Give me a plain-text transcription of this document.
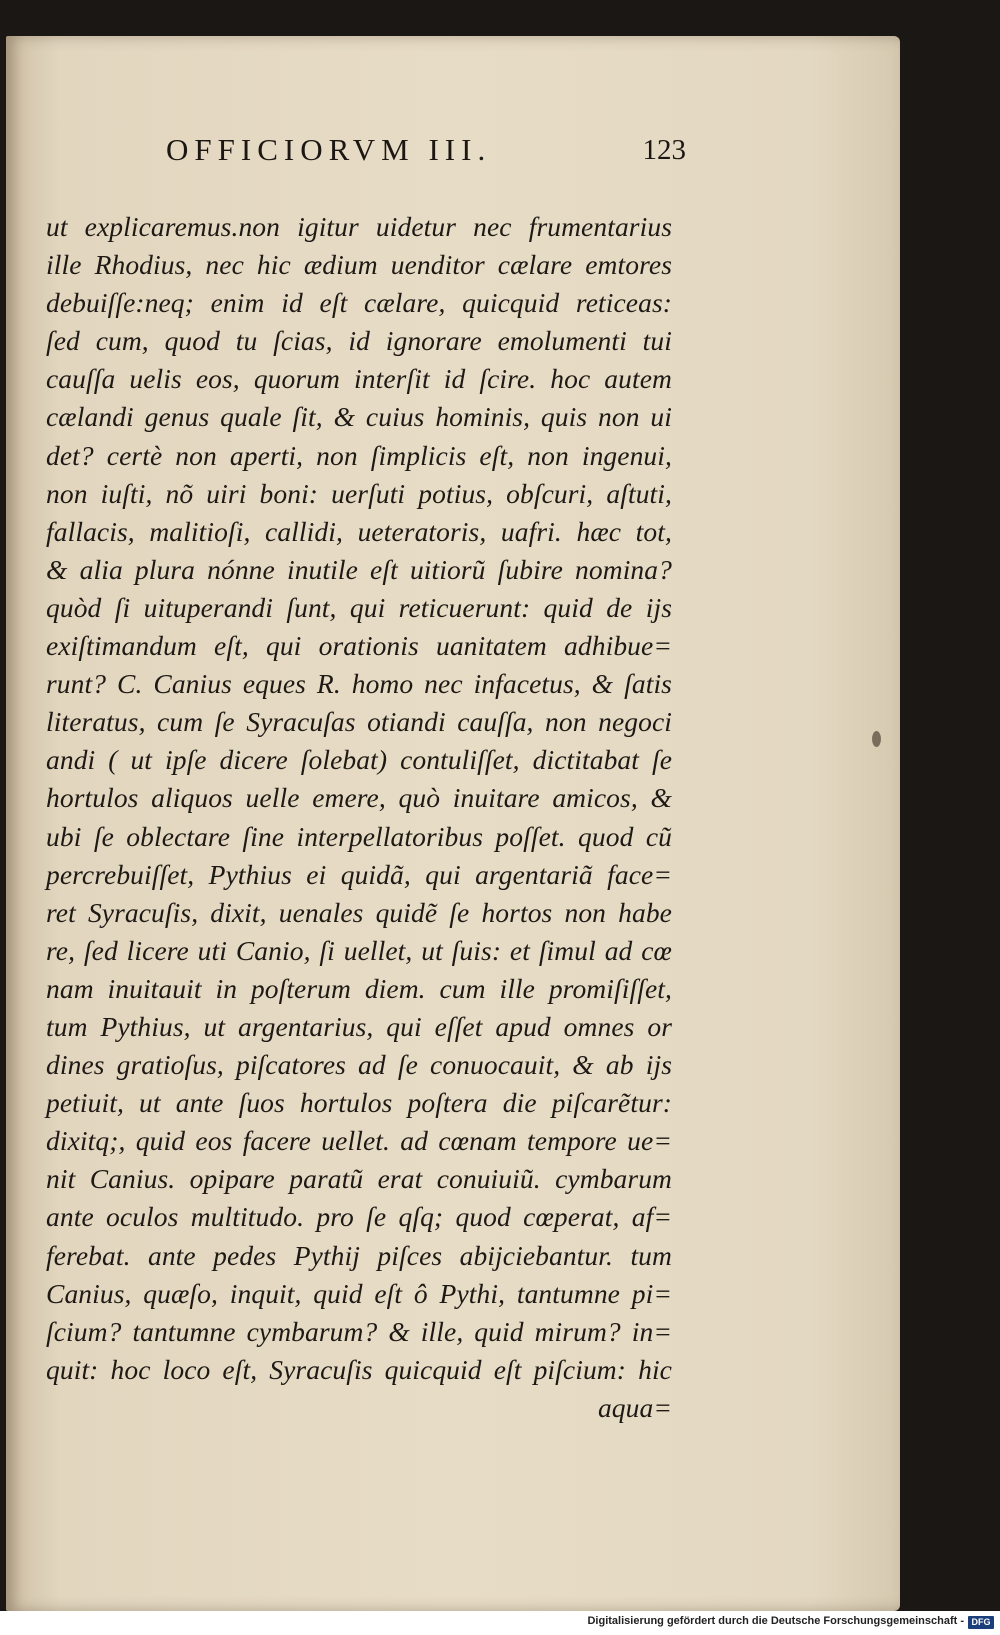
OFFICIORVM III.	123
ut explicaremus.non igitur uidetur nec frumentarius
ille Rhodius, nec hic ædium uenditor cælare emtores
debuiſſe:neq; enim id eſt cælare, quicquid reticeas:
ſed cum, quod tu ſcias, id ignorare emolumenti tui
cauſſa uelis eos, quorum interſit id ſcire. hoc autem
cælandi genus quale ſit, & cuius hominis, quis non ui
det? certè non aperti, non ſimplicis eſt, non ingenui,
non iuſti, nõ uiri boni: uerſuti potius, obſcuri, aſtuti,
fallacis, malitioſi, callidi, ueteratoris, uafri. hæc tot,
& alia plura nónne inutile eſt uitiorũ ſubire nomina?
quòd ſi uituperandi ſunt, qui reticuerunt: quid de ijs
exiſtimandum eſt, qui orationis uanitatem adhibue=
runt? C. Canius eques R. homo nec infacetus, & ſatis
literatus, cum ſe Syracuſas otiandi cauſſa, non negoci
andi ( ut ipſe dicere ſolebat) contuliſſet, dictitabat ſe
hortulos aliquos uelle emere, quò inuitare amicos, &
ubi ſe oblectare ſine interpellatoribus poſſet. quod cũ
percrebuiſſet, Pythius ei quidã, qui argentariã face=
ret Syracuſis, dixit, uenales quidẽ ſe hortos non habe
re, ſed licere uti Canio, ſi uellet, ut ſuis: et ſimul ad cœ
nam inuitauit in poſterum diem. cum ille promiſiſſet,
tum Pythius, ut argentarius, qui eſſet apud omnes or
dines gratioſus, piſcatores ad ſe conuocauit, & ab ijs
petiuit, ut ante ſuos hortulos poſtera die piſcarẽtur:
dixitq;, quid eos facere uellet. ad cœnam tempore ue=
nit Canius. opipare paratũ erat conuiuiũ. cymbarum
ante oculos multitudo. pro ſe qſq; quod cœperat, af=
ferebat. ante pedes Pythij piſces abijciebantur. tum
Canius, quæſo, inquit, quid eſt ô Pythi, tantumne pi=
ſcium? tantumne cymbarum? & ille, quid mirum? in=
quit: hoc loco eſt, Syracuſis quicquid eſt piſcium: hic
aqua=
Digitalisierung gefördert durch die Deutsche Forschungsgemeinschaft - DFG
